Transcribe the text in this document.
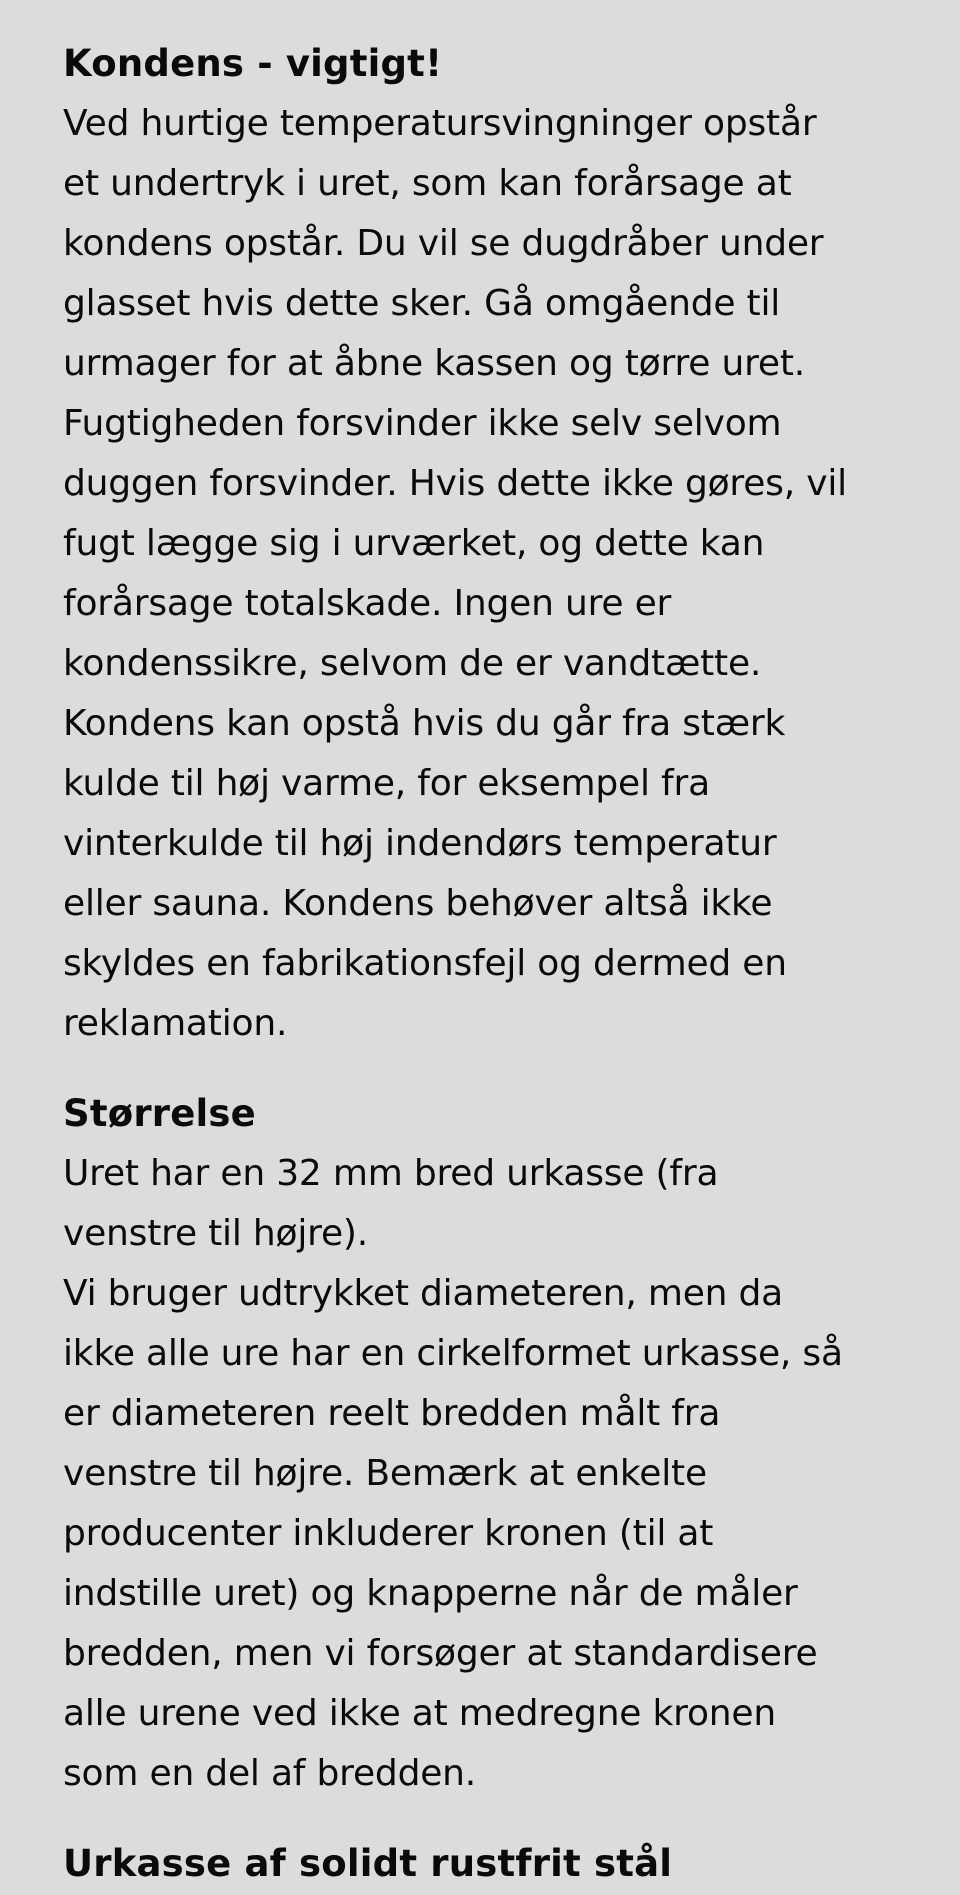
Kondens - vigtigt!
Ved hurtige temperatursvingninger opstår
et undertryk i uret, som kan forårsage at
kondens opstår. Du vil se dugdråber under
glasset hvis dette sker. Gå omgående til
urmager for at åbne kassen og tørre uret.
Fugtigheden forsvinder ikke selv selvom
duggen forsvinder. Hvis dette ikke gøres, vil
fugt lægge sig i urværket, og dette kan
forårsage totalskade. Ingen ure er
kondenssikre, selvom de er vandtætte.
Kondens kan opstå hvis du går fra stærk
kulde til høj varme, for eksempel fra
vinterkulde til høj indendørs temperatur
eller sauna. Kondens behøver altså ikke
skyldes en fabrikationsfejl og dermed en
reklamation.
Størrelse
Uret har en 32 mm bred urkasse (fra
venstre til højre).
Vi bruger udtrykket diameteren, men da
ikke alle ure har en cirkelformet urkasse, så
er diameteren reelt bredden målt fra
venstre til højre. Bemærk at enkelte
producenter inkluderer kronen (til at
indstille uret) og knapperne når de måler
bredden, men vi forsøger at standardisere
alle urene ved ikke at medregne kronen
som en del af bredden.
Urkasse af solidt rustfrit stål
